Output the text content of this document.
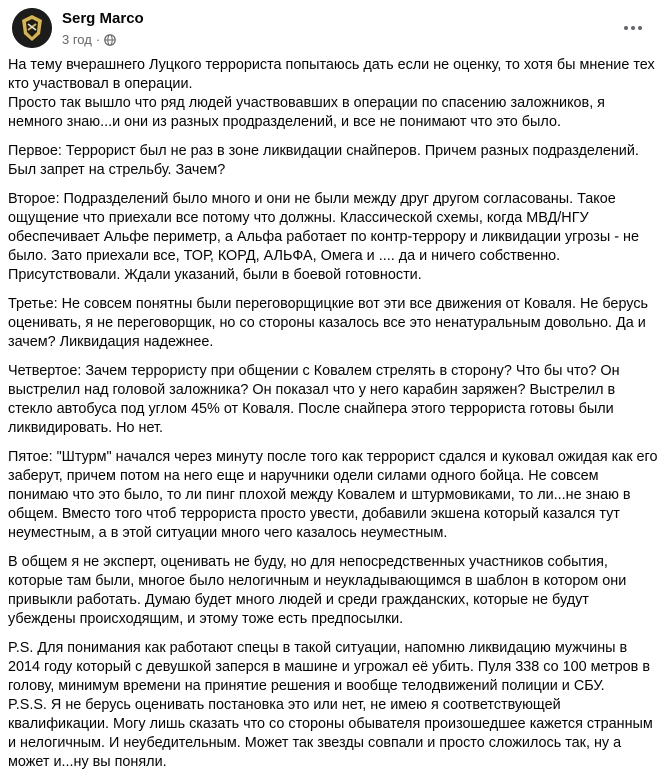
Serg Marco
3 год ·

На тему вчерашнего Луцкого террориста попытаюсь дать если не оценку, то хотя бы мнение тех кто участвовал в операции.
Просто так вышло что ряд людей участвовавших в операции по спасению заложников, я немного знаю...и они из разных продразделений, и все не понимают что это было.

Первое: Террорист был не раз в зоне ликвидации снайперов. Причем разных подразделений. Был запрет на стрельбу. Зачем?

Второе: Подразделений было много и они не были между друг другом согласованы. Такое ощущение что приехали все потому что должны. Классической схемы, когда МВД/НГУ обеспечивает Альфе периметр, а Альфа работает по контр-террору и ликвидации угрозы - не было. Зато приехали все, ТОР, КОРД, АЛЬФА, Омега и .... да и ничего собственно. Присутствовали. Ждали указаний, были в боевой готовности.

Третье: Не совсем понятны были переговорщицкие вот эти все движения от Коваля. Не берусь оценивать, я не переговорщик, но со стороны казалось все это ненатуральным довольно. Да и зачем? Ликвидация надежнее.

Четвертое: Зачем террористу при общении с Ковалем стрелять в сторону? Что бы что? Он выстрелил над головой заложника? Он показал что у него карабин заряжен? Выстрелил в стекло автобуса под углом 45% от Коваля. После снайпера этого террориста готовы были ликвидировать. Но нет.

Пятое: "Штурм" начался через минуту после того как террорист сдался и куковал ожидая как его заберут, причем потом на него еще и наручники одели силами одного бойца. Не совсем понимаю что это было, то ли пинг плохой между Ковалем и штурмовиками, то ли...не знаю в общем. Вместо того чтоб террориста просто увести, добавили экшена который казался тут неуместным, а в этой ситуации много чего казалось неуместным.

В общем я не эксперт, оценивать не буду, но для непосредственных участников события, которые там были, многое было нелогичным и неукладывающимся в шаблон в котором они привыкли работать. Думаю будет много людей и среди гражданских, которые не будут убеждены происходящим, и этому тоже есть предпосылки.

P.S. Для понимания как работают спецы в такой ситуации, напомню ликвидацию мужчины в 2014 году который с девушкой заперся в машине и угрожал её убить. Пуля 338 со 100 метров в голову, минимум времени на принятие решения и вообще телодвижений полиции и СБУ.

P.S.S. Я не берусь оценивать постановка это или нет, не имею я соответствующей квалификации. Могу лишь сказать что со стороны обывателя произошедшее кажется странным и нелогичным. И неубедительным. Может так звезды совпали и просто сложилось так, ну а может и...ну вы поняли.
